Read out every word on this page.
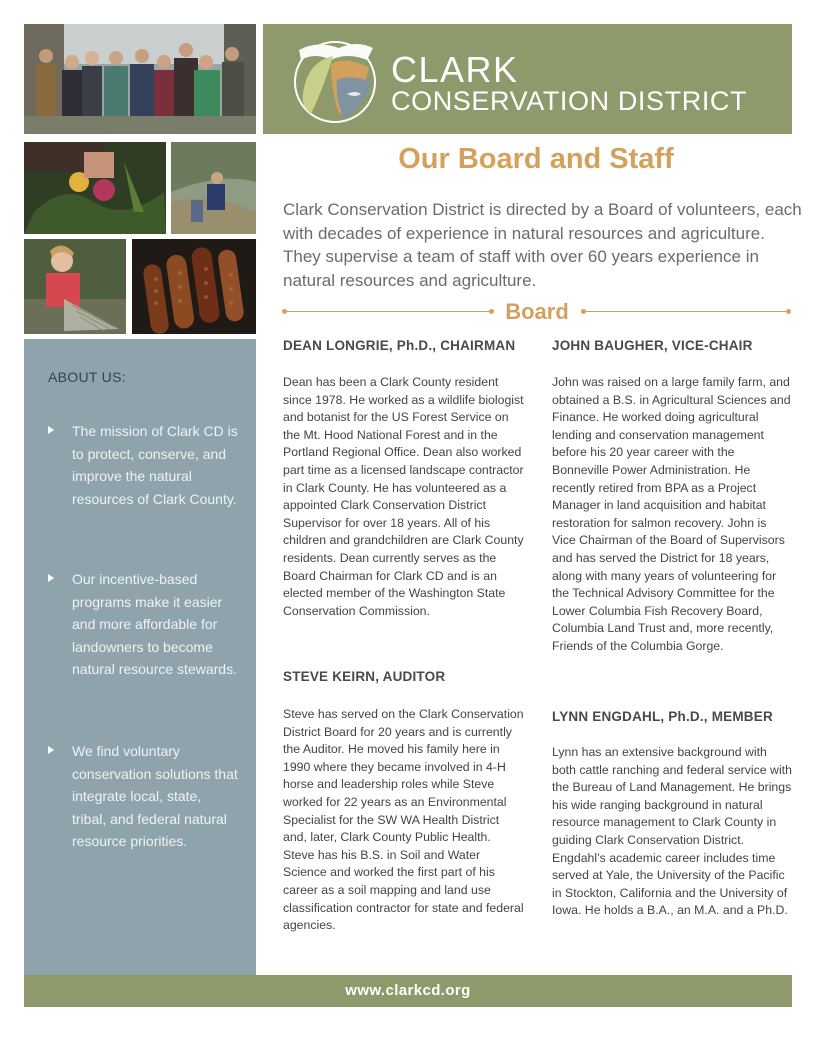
ABOUT US:
The mission of Clark CD is to protect, conserve, and improve the natural resources of Clark County.
Our incentive-based programs make it easier and more affordable for landowners to become natural resource stewards.
We find voluntary conservation solutions that integrate local, state, tribal, and federal natural resource priorities.
CLARK
CONSERVATION DISTRICT
Our Board and Staff
Clark Conservation District is directed by a Board of volunteers, each with decades of experience in natural resources and agriculture. They supervise a team of staff with over 60 years experience in natural resources and agriculture.
Board
DEAN LONGRIE, Ph.D., CHAIRMAN
Dean has been a Clark County resident since 1978. He worked as a wildlife biologist and botanist for the US Forest Service on the Mt. Hood National Forest and in the Portland Regional Office. Dean also worked part time as a licensed landscape contractor in Clark County. He has volunteered as a appointed Clark Conservation District Supervisor for over 18 years. All of his children and grandchildren are Clark County residents. Dean currently serves as the Board Chairman for Clark CD and is an elected member of the Washington State Conservation Commission.
STEVE KEIRN, AUDITOR
Steve has served on the Clark Conservation District Board for 20 years and is currently the Auditor. He moved his family here in 1990 where they became involved in 4-H horse and leadership roles while Steve worked for 22 years as an Environmental Specialist for the SW WA Health District and, later, Clark County Public Health. Steve has his B.S. in Soil and Water Science and worked the first part of his career as a soil mapping and land use classification contractor for state and federal agencies.
JOHN BAUGHER, VICE-CHAIR
John was raised on a large family farm, and obtained a B.S. in Agricultural Sciences and Finance. He worked doing agricultural lending and conservation management before his 20 year career with the Bonneville Power Administration. He recently retired from BPA as a Project Manager in land acquisition and habitat restoration for salmon recovery. John is Vice Chairman of the Board of Supervisors and has served the District for 18 years, along with many years of volunteering for the Technical Advisory Committee for the Lower Columbia Fish Recovery Board, Columbia Land Trust and, more recently, Friends of the Columbia Gorge.
LYNN ENGDAHL, Ph.D., MEMBER
Lynn has an extensive background with both cattle ranching and federal service with the Bureau of Land Management. He brings his wide ranging background in natural resource management to Clark County in guiding Clark Conservation District. Engdahl’s academic career includes time served at Yale, the University of the Pacific in Stockton, California and the University of Iowa. He holds a B.A., an M.A. and a Ph.D.
www.clarkcd.org
